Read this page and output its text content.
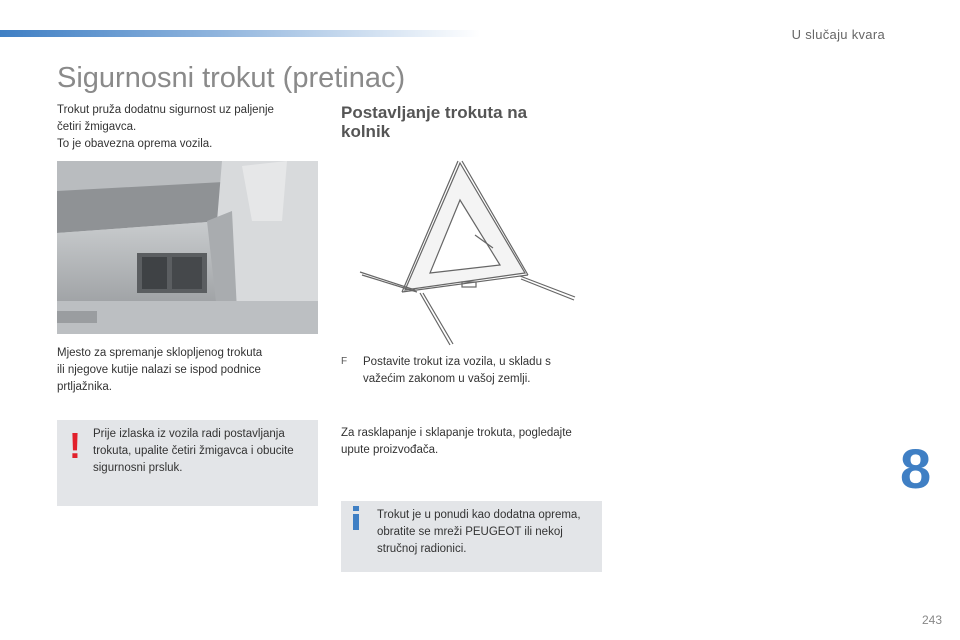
U slučaju kvara
Sigurnosni trokut (pretinac)
Trokut pruža dodatnu sigurnost uz paljenje
četiri žmigavca.
To je obavezna oprema vozila.
Mjesto za spremanje sklopljenog trokuta
ili njegove kutije nalazi se ispod podnice
prtljažnika.
! Prije izlaska iz vozila radi postavljanja
trokuta, upalite četiri žmigavca i obucite
sigurnosni prsluk.
Postavljanje trokuta na
kolnik
F Postavite trokut iza vozila, u skladu s
važećim zakonom u vašoj zemlji.
Za rasklapanje i sklapanje trokuta, pogledajte
upute proizvođača.
Trokut je u ponudi kao dodatna oprema,
obratite se mreži PEUGEOT ili nekoj
stručnoj radionici.
8
243
